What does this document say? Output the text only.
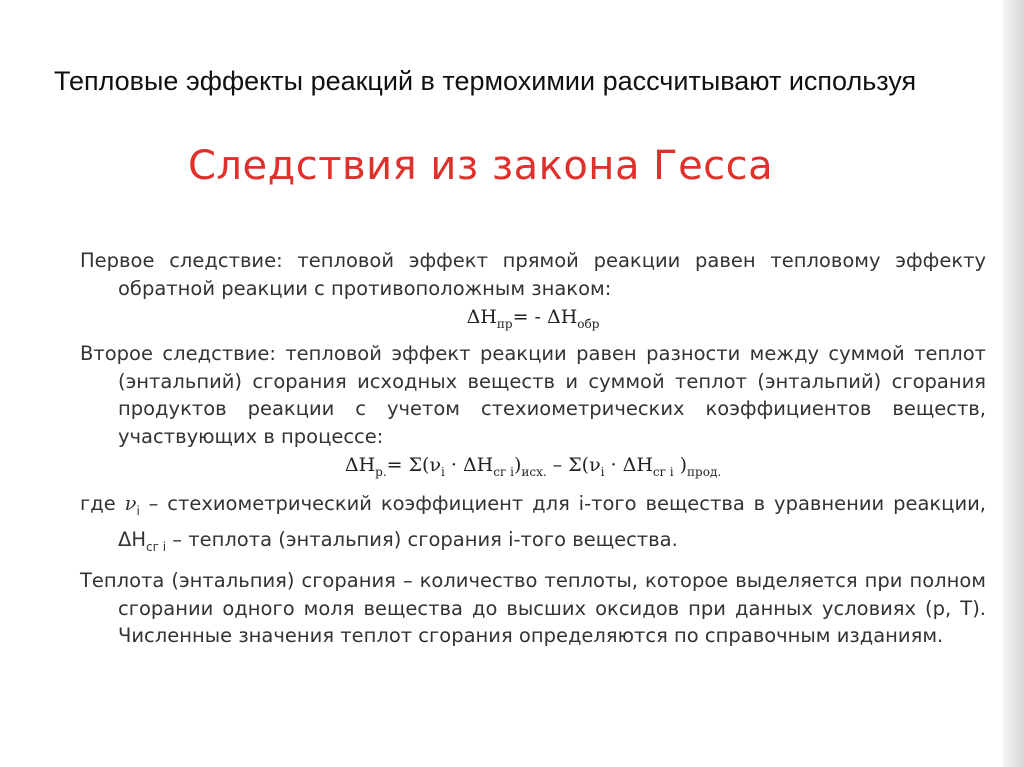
Тепловые эффекты реакций в термохимии рассчитывают используя
Следствия из закона Гесса

Первое следствие: тепловой эффект прямой реакции равен тепловому эффекту обратной реакции с противоположным знаком:

$\Delta H_{пр}= - \Delta H_{обр}$

Второе следствие: тепловой эффект реакции равен разности между суммой теплот (энтальпий) сгорания исходных веществ и суммой теплот (энтальпий) сгорания продуктов реакции с учетом стехиометрических коэффициентов веществ, участвующих в процессе:

$\Delta H_{р.}= \Sigma(\nu_i \cdot \Delta H_{сг i})_{исх.} - \Sigma(\nu_i \cdot \Delta H_{сг i}$ )$_{прод.}$

где $\nu_i$ – стехиометрический коэффициент для i-того вещества в уравнении реакции, $\Delta H_{сг i}$ – теплота (энтальпия) сгорания i-того вещества.

Теплота (энтальпия) сгорания – количество теплоты, которое выделяется при полном сгорании одного моля вещества до высших оксидов при данных условиях (р, Т). Численные значения теплот сгорания определяются по справочным изданиям.
